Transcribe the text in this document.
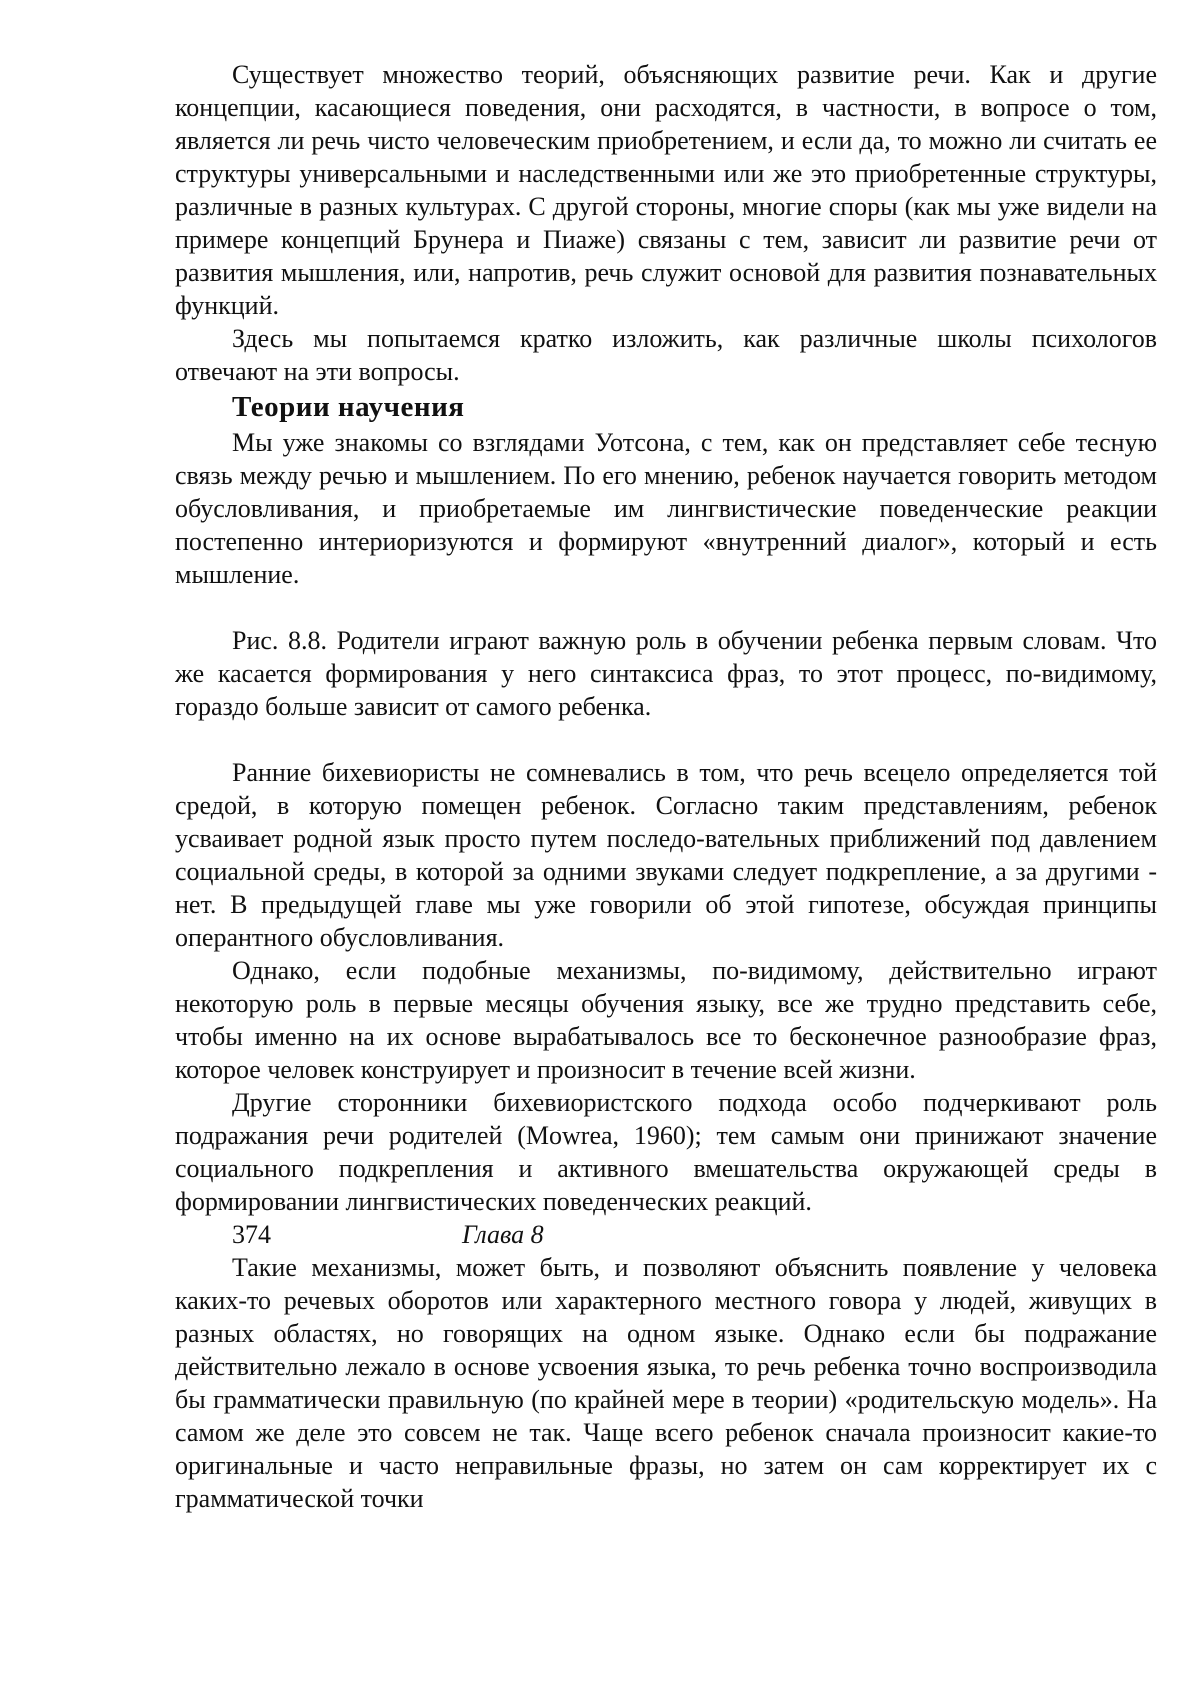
Существует множество теорий, объясняющих развитие речи. Как и другие концепции, касающиеся поведения, они расходятся, в частности, в вопросе о том, является ли речь чисто человеческим приобретением, и если да, то можно ли считать ее структуры универсальными и наследственными или же это приобретенные структуры, различные в разных культурах. С другой стороны, многие споры (как мы уже видели на примере концепций Брунера и Пиаже) связаны с тем, зависит ли развитие речи от развития мышления, или, напротив, речь служит основой для развития познавательных функций.

Здесь мы попытаемся кратко изложить, как различные школы психологов отвечают на эти вопросы.

Теории научения

Мы уже знакомы со взглядами Уотсона, с тем, как он представляет себе тесную связь между речью и мышлением. По его мнению, ребенок научается говорить методом обусловливания, и приобретаемые им лингвистические поведенческие реакции постепенно интериоризуются и формируют «внутренний диалог», который и есть мышление.

Рис. 8.8. Родители играют важную роль в обучении ребенка первым словам. Что же касается формирования у него синтаксиса фраз, то этот процесс, по-видимому, гораздо больше зависит от самого ребенка.

Ранние бихевиористы не сомневались в том, что речь всецело определяется той средой, в которую помещен ребенок. Согласно таким представлениям, ребенок усваивает родной язык просто путем последо-вательных приближений под давлением социальной среды, в которой за одними звуками следует подкрепление, а за другими - нет. В предыдущей главе мы уже говорили об этой гипотезе, обсуждая принципы оперантного обусловливания.

Однако, если подобные механизмы, по-видимому, действительно играют некоторую роль в первые месяцы обучения языку, все же трудно представить себе, чтобы именно на их основе вырабатывалось все то бесконечное разнообразие фраз, которое человек конструирует и произносит в течение всей жизни.

Другие сторонники бихевиористского подхода особо подчеркивают роль подражания речи родителей (Mowrea, 1960); тем самым они принижают значение социального подкрепления и активного вмешательства окружающей среды в формировании лингвистических поведенческих реакций.

374	Глава 8

Такие механизмы, может быть, и позволяют объяснить появление у человека каких-то речевых оборотов или характерного местного говора у людей, живущих в разных областях, но говорящих на одном языке. Однако если бы подражание действительно лежало в основе усвоения языка, то речь ребенка точно воспроизводила бы грамматически правильную (по крайней мере в теории) «родительскую модель». На самом же деле это совсем не так. Чаще всего ребенок сначала произносит какие-то оригинальные и часто неправильные фразы, но затем он сам корректирует их с грамматической точки
